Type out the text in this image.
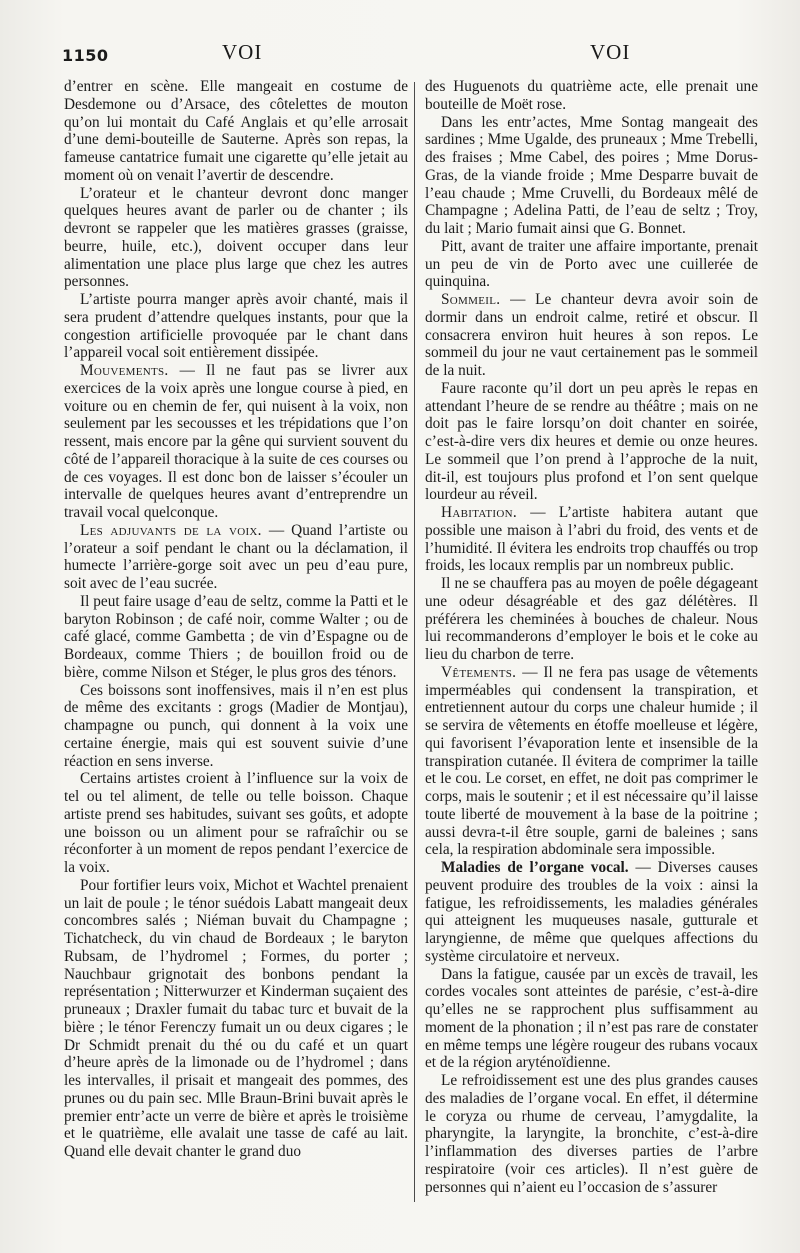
1150	VOI	VOI

d’entrer en scène. Elle mangeait en costume de Desdemone ou d’Arsace, des côtelettes de mouton qu’on lui montait du Café Anglais et qu’elle arrosait d’une demi-bouteille de Sauterne. Après son repas, la fameuse cantatrice fumait une cigarette qu’elle jetait au moment où on venait l’avertir de descendre.

L’orateur et le chanteur devront donc manger quelques heures avant de parler ou de chanter ; ils devront se rappeler que les matières grasses (graisse, beurre, huile, etc.), doivent occuper dans leur alimentation une place plus large que chez les autres personnes.

L’artiste pourra manger après avoir chanté, mais il sera prudent d’attendre quelques instants, pour que la congestion artificielle provoquée par le chant dans l’appareil vocal soit entièrement dissipée.

Mouvements. — Il ne faut pas se livrer aux exercices de la voix après une longue course à pied, en voiture ou en chemin de fer, qui nuisent à la voix, non seulement par les secousses et les trépidations que l’on ressent, mais encore par la gêne qui survient souvent du côté de l’appareil thoracique à la suite de ces courses ou de ces voyages. Il est donc bon de laisser s’écouler un intervalle de quelques heures avant d’entreprendre un travail vocal quelconque.

Les adjuvants de la voix. — Quand l’artiste ou l’orateur a soif pendant le chant ou la déclamation, il humecte l’arrière-gorge soit avec un peu d’eau pure, soit avec de l’eau sucrée.

Il peut faire usage d’eau de seltz, comme la Patti et le baryton Robinson ; de café noir, comme Walter ; ou de café glacé, comme Gambetta ; de vin d’Espagne ou de Bordeaux, comme Thiers ; de bouillon froid ou de bière, comme Nilson et Stéger, le plus gros des ténors.

Ces boissons sont inoffensives, mais il n’en est plus de même des excitants : grogs (Madier de Montjau), champagne ou punch, qui donnent à la voix une certaine énergie, mais qui est souvent suivie d’une réaction en sens inverse.

Certains artistes croient à l’influence sur la voix de tel ou tel aliment, de telle ou telle boisson. Chaque artiste prend ses habitudes, suivant ses goûts, et adopte une boisson ou un aliment pour se rafraîchir ou se réconforter à un moment de repos pendant l’exercice de la voix.

Pour fortifier leurs voix, Michot et Wachtel prenaient un lait de poule ; le ténor suédois Labatt mangeait deux concombres salés ; Niéman buvait du Champagne ; Tichatcheck, du vin chaud de Bordeaux ; le baryton Rubsam, de l’hydromel ; Formes, du porter ; Nauchbaur grignotait des bonbons pendant la représentation ; Nitterwurzer et Kinderman suçaient des pruneaux ; Draxler fumait du tabac turc et buvait de la bière ; le ténor Ferenczy fumait un ou deux cigares ; le Dr Schmidt prenait du thé ou du café et un quart d’heure après de la limonade ou de l’hydromel ; dans les intervalles, il prisait et mangeait des pommes, des prunes ou du pain sec. Mlle Braun-Brini buvait après le premier entr’acte un verre de bière et après le troisième et le quatrième, elle avalait une tasse de café au lait. Quand elle devait chanter le grand duo

des Huguenots du quatrième acte, elle prenait une bouteille de Moët rose.

Dans les entr’actes, Mme Sontag mangeait des sardines ; Mme Ugalde, des pruneaux ; Mme Trebelli, des fraises ; Mme Cabel, des poires ; Mme Dorus-Gras, de la viande froide ; Mme Desparre buvait de l’eau chaude ; Mme Cruvelli, du Bordeaux mêlé de Champagne ; Adelina Patti, de l’eau de seltz ; Troy, du lait ; Mario fumait ainsi que G. Bonnet.

Pitt, avant de traiter une affaire importante, prenait un peu de vin de Porto avec une cuillerée de quinquina.

Sommeil. — Le chanteur devra avoir soin de dormir dans un endroit calme, retiré et obscur. Il consacrera environ huit heures à son repos. Le sommeil du jour ne vaut certainement pas le sommeil de la nuit.

Faure raconte qu’il dort un peu après le repas en attendant l’heure de se rendre au théâtre ; mais on ne doit pas le faire lorsqu’on doit chanter en soirée, c’est-à-dire vers dix heures et demie ou onze heures. Le sommeil que l’on prend à l’approche de la nuit, dit-il, est toujours plus profond et l’on sent quelque lourdeur au réveil.

Habitation. — L’artiste habitera autant que possible une maison à l’abri du froid, des vents et de l’humidité. Il évitera les endroits trop chauffés ou trop froids, les locaux remplis par un nombreux public.

Il ne se chauffera pas au moyen de poêle dégageant une odeur désagréable et des gaz délétères. Il préférera les cheminées à bouches de chaleur. Nous lui recommanderons d’employer le bois et le coke au lieu du charbon de terre.

Vêtements. — Il ne fera pas usage de vêtements imperméables qui condensent la transpiration, et entretiennent autour du corps une chaleur humide ; il se servira de vêtements en étoffe moelleuse et légère, qui favorisent l’évaporation lente et insensible de la transpiration cutanée. Il évitera de comprimer la taille et le cou. Le corset, en effet, ne doit pas comprimer le corps, mais le soutenir ; et il est nécessaire qu’il laisse toute liberté de mouvement à la base de la poitrine ; aussi devra-t-il être souple, garni de baleines ; sans cela, la respiration abdominale sera impossible.

Maladies de l’organe vocal. — Diverses causes peuvent produire des troubles de la voix : ainsi la fatigue, les refroidissements, les maladies générales qui atteignent les muqueuses nasale, gutturale et laryngienne, de même que quelques affections du système circulatoire et nerveux.

Dans la fatigue, causée par un excès de travail, les cordes vocales sont atteintes de parésie, c’est-à-dire qu’elles ne se rapprochent plus suffisamment au moment de la phonation ; il n’est pas rare de constater en même temps une légère rougeur des rubans vocaux et de la région aryténoïdienne.

Le refroidissement est une des plus grandes causes des maladies de l’organe vocal. En effet, il détermine le coryza ou rhume de cerveau, l’amygdalite, la pharyngite, la laryngite, la bronchite, c’est-à-dire l’inflammation des diverses parties de l’arbre respiratoire (voir ces articles). Il n’est guère de personnes qui n’aient eu l’occasion de s’assurer
